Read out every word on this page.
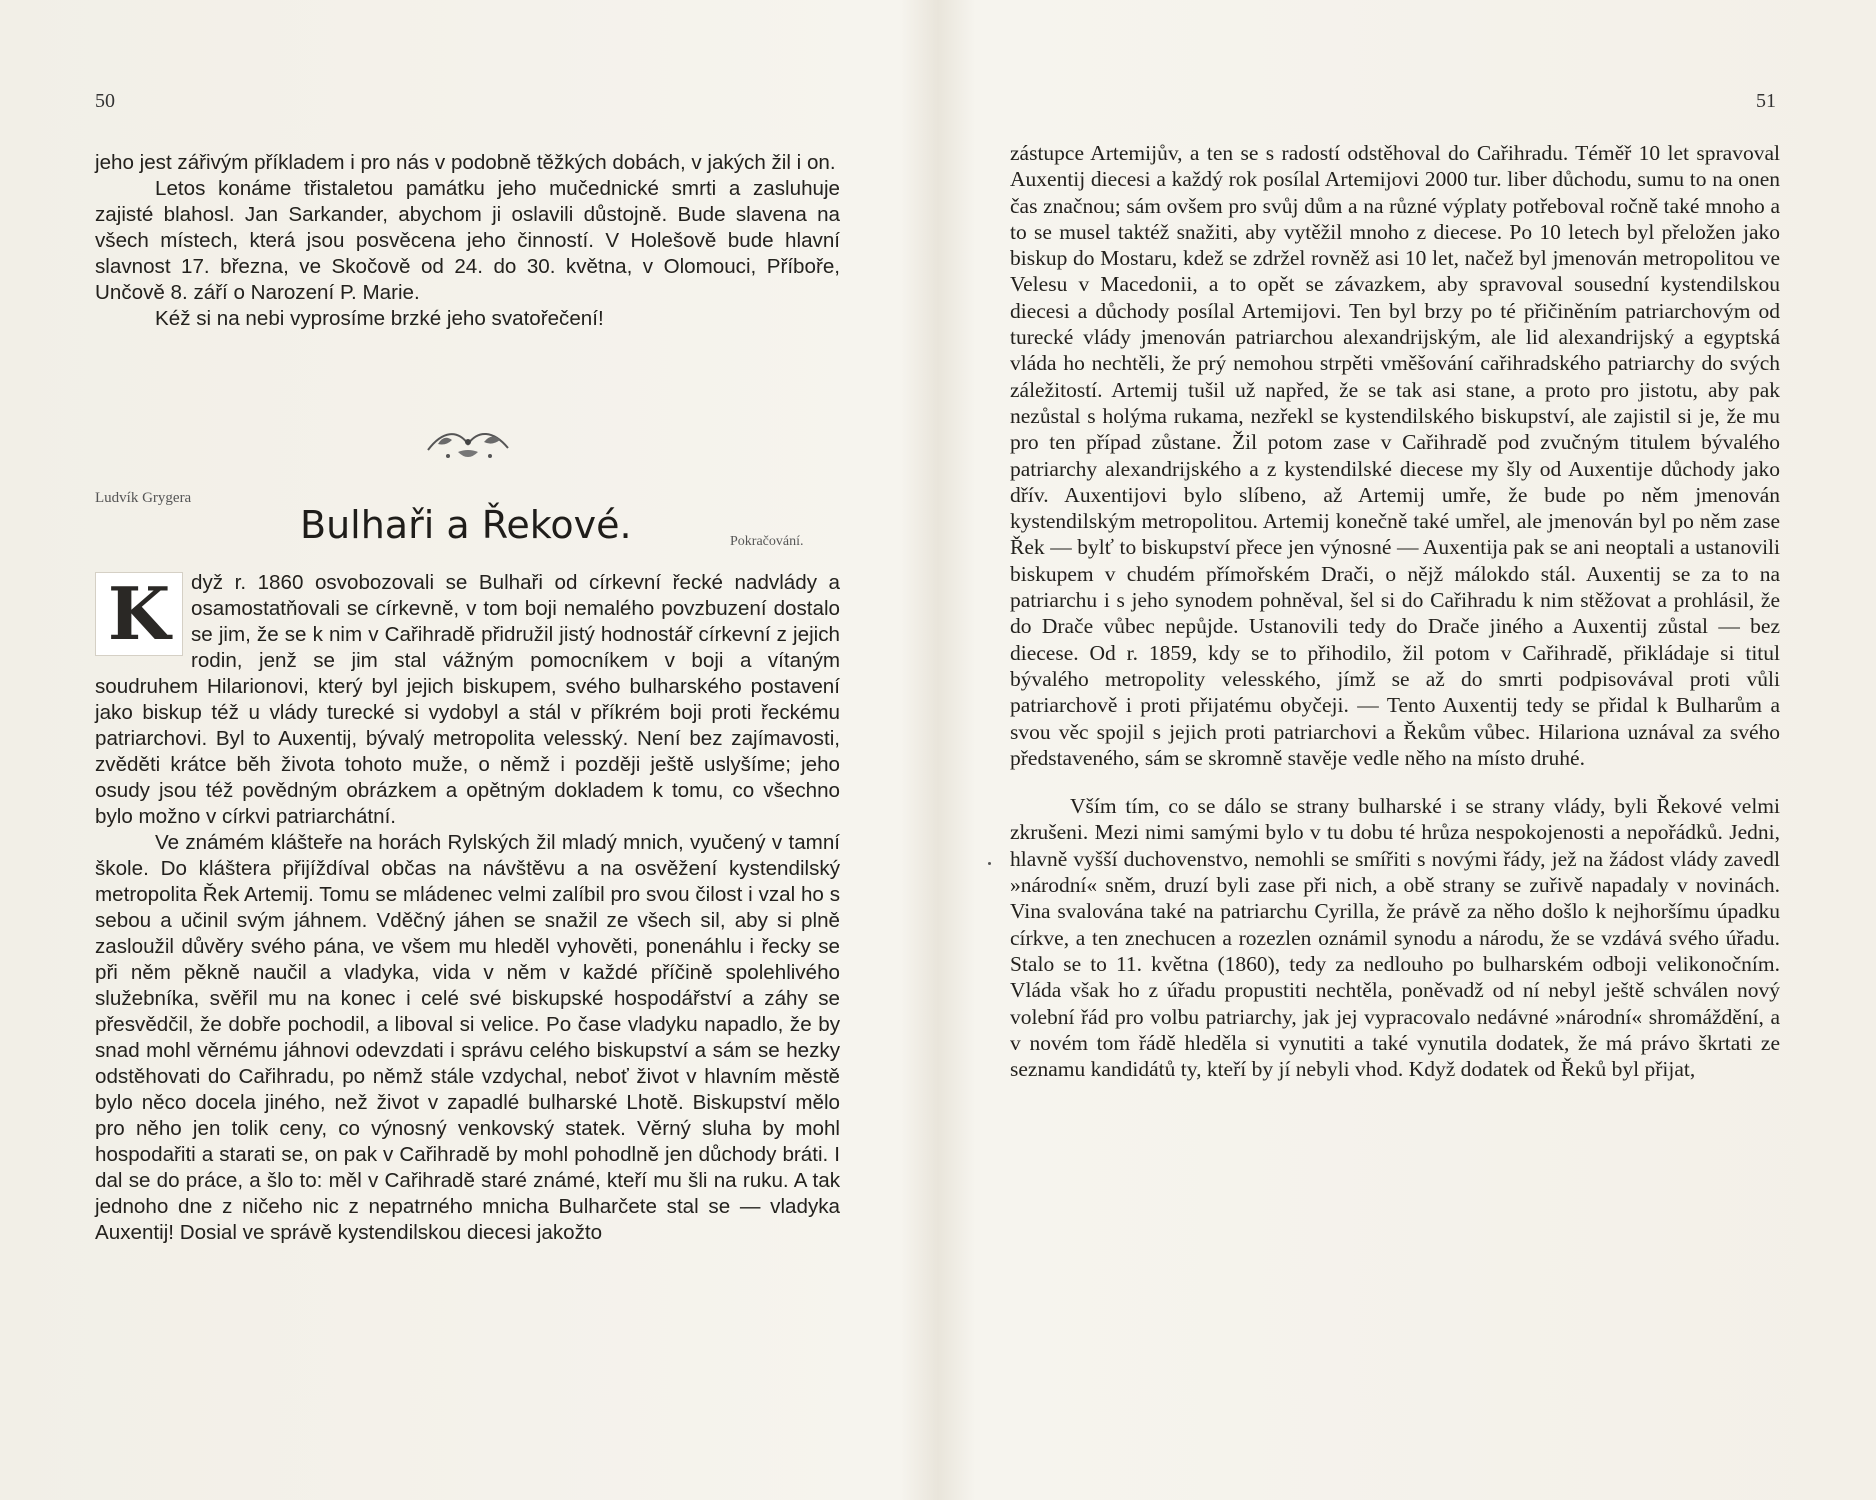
50

jeho jest zářivým příkladem i pro nás v podobně těžkých dobách, v jakých žil i on.

Letos konáme třistaletou památku jeho mučednické smrti a zasluhuje zajisté blahosl. Jan Sarkander, abychom ji oslavili důstojně. Bude slavena na všech místech, která jsou posvěcena jeho činností. V Holešově bude hlavní slavnost 17. března, ve Skočově od 24. do 30. května, v Olomouci, Příboře, Unčově 8. září o Narození P. Marie.

Kéž si na nebi vyprosíme brzké jeho svatořečení!

Ludvík Grygera
Bulhaři a Řekové.	Pokračování.

K	dyž r. 1860 osvobozovali se Bulhaři od církevní řecké nadvlády a osamostatňovali se církevně, v tom boji nemalého povzbuzení dostalo se jim, že se k nim v Cařihradě přidružil jistý hodnostář církevní z jejich rodin, jenž se jim stal vážným pomocníkem v boji a vítaným soudruhem Hilarionovi, který byl jejich biskupem, svého bulharského postavení jako biskup též u vlády turecké si vydobyl a stál v příkrém boji proti řeckému patriarchovi. Byl to Auxentij, bývalý metropolita velesský. Není bez zajímavosti, zvěděti krátce běh života tohoto muže, o němž i později ještě uslyšíme; jeho osudy jsou též povědným obrázkem a opětným dokladem k tomu, co všechno bylo možno v církvi patriarchátní.

Ve známém klášteře na horách Rylských žil mladý mnich, vyučený v tamní škole. Do kláštera přijíždíval občas na návštěvu a na osvěžení kystendilský metropolita Řek Artemij. Tomu se mládenec velmi zalíbil pro svou čilost i vzal ho s sebou a učinil svým jáhnem. Vděčný jáhen se snažil ze všech sil, aby si plně zasloužil důvěry svého pána, ve všem mu hleděl vyhověti, ponenáhlu i řecky se při něm pěkně naučil a vladyka, vida v něm v každé příčině spolehlivého služebníka, svěřil mu na konec i celé své biskupské hospodářství a záhy se přesvědčil, že dobře pochodil, a liboval si velice. Po čase vladyku napadlo, že by snad mohl věrnému jáhnovi odevzdati i správu celého biskupství a sám se hezky odstěhovati do Cařihradu, po němž stále vzdychal, neboť život v hlavním městě bylo něco docela jiného, než život v zapadlé bulharské Lhotě. Biskupství mělo pro něho jen tolik ceny, co výnosný venkovský statek. Věrný sluha by mohl hospodařiti a starati se, on pak v Cařihradě by mohl pohodlně jen důchody bráti. I dal se do práce, a šlo to: měl v Cařihradě staré známé, kteří mu šli na ruku. A tak jednoho dne z ničeho nic z nepatrného mnicha Bulharčete stal se — vladyka Auxentij! Dosial ve správě kystendilskou diecesi jakožto

51

zástupce Artemijův, a ten se s radostí odstěhoval do Cařihradu. Téměř 10 let spravoval Auxentij diecesi a každý rok posílal Artemijovi 2000 tur. liber důchodu, sumu to na onen čas značnou; sám ovšem pro svůj dům a na různé výplaty potřeboval ročně také mnoho a to se musel taktéž snažiti, aby vytěžil mnoho z diecese. Po 10 letech byl přeložen jako biskup do Mostaru, kdež se zdržel rovněž asi 10 let, načež byl jmenován metropolitou ve Velesu v Macedonii, a to opět se závazkem, aby spravoval sousední kystendilskou diecesi a důchody posílal Artemijovi. Ten byl brzy po té přičiněním patriarchovým od turecké vlády jmenován patriarchou alexandrijským, ale lid alexandrijský a egyptská vláda ho nechtěli, že prý nemohou strpěti vměšování cařihradského patriarchy do svých záležitostí. Artemij tušil už napřed, že se tak asi stane, a proto pro jistotu, aby pak nezůstal s holýma rukama, nezřekl se kystendilského biskupství, ale zajistil si je, že mu pro ten případ zůstane. Žil potom zase v Cařihradě pod zvučným titulem bývalého patriarchy alexandrijského a z kystendilské diecese my šly od Auxentije důchody jako dřív. Auxentijovi bylo slíbeno, až Artemij umře, že bude po něm jmenován kystendilským metropolitou. Artemij konečně také umřel, ale jmenován byl po něm zase Řek — bylť to biskupství přece jen výnosné — Auxentija pak se ani neoptali a ustanovili biskupem v chudém přímořském Drači, o nějž málokdo stál. Auxentij se za to na patriarchu i s jeho synodem pohněval, šel si do Cařihradu k nim stěžovat a prohlásil, že do Drače vůbec nepůjde. Ustanovili tedy do Drače jiného a Auxentij zůstal — bez diecese. Od r. 1859, kdy se to přihodilo, žil potom v Cařihradě, přikládaje si titul bývalého metropolity velesského, jímž se až do smrti podpisovával proti vůli patriarchově i proti přijatému obyčeji. — Tento Auxentij tedy se přidal k Bulharům a svou věc spojil s jejich proti patriarchovi a Řekům vůbec. Hilariona uznával za svého představeného, sám se skromně stavěje vedle něho na místo druhé.

Vším tím, co se dálo se strany bulharské i se strany vlády, byli Řekové velmi zkrušeni. Mezi nimi samými bylo v tu dobu té hrůza nespokojenosti a nepořádků. Jedni, hlavně vyšší duchovenstvo, nemohli se smířiti s novými řády, jež na žádost vlády zavedl »národní« sněm, druzí byli zase při nich, a obě strany se zuřivě napadaly v novinách. Vina svalována také na patriarchu Cyrilla, že právě za něho došlo k nejhoršímu úpadku církve, a ten znechucen a rozezlen oznámil synodu a národu, že se vzdává svého úřadu. Stalo se to 11. května (1860), tedy za nedlouho po bulharském odboji velikonočním. Vláda však ho z úřadu propustiti nechtěla, poněvadž od ní nebyl ještě schválen nový volební řád pro volbu patriarchy, jak jej vypracovalo nedávné »národní« shromáždění, a v novém tom řádě hleděla si vynutiti a také vynutila dodatek, že má právo škrtati ze seznamu kandidátů ty, kteří by jí nebyli vhod. Když dodatek od Řeků byl přijat,
